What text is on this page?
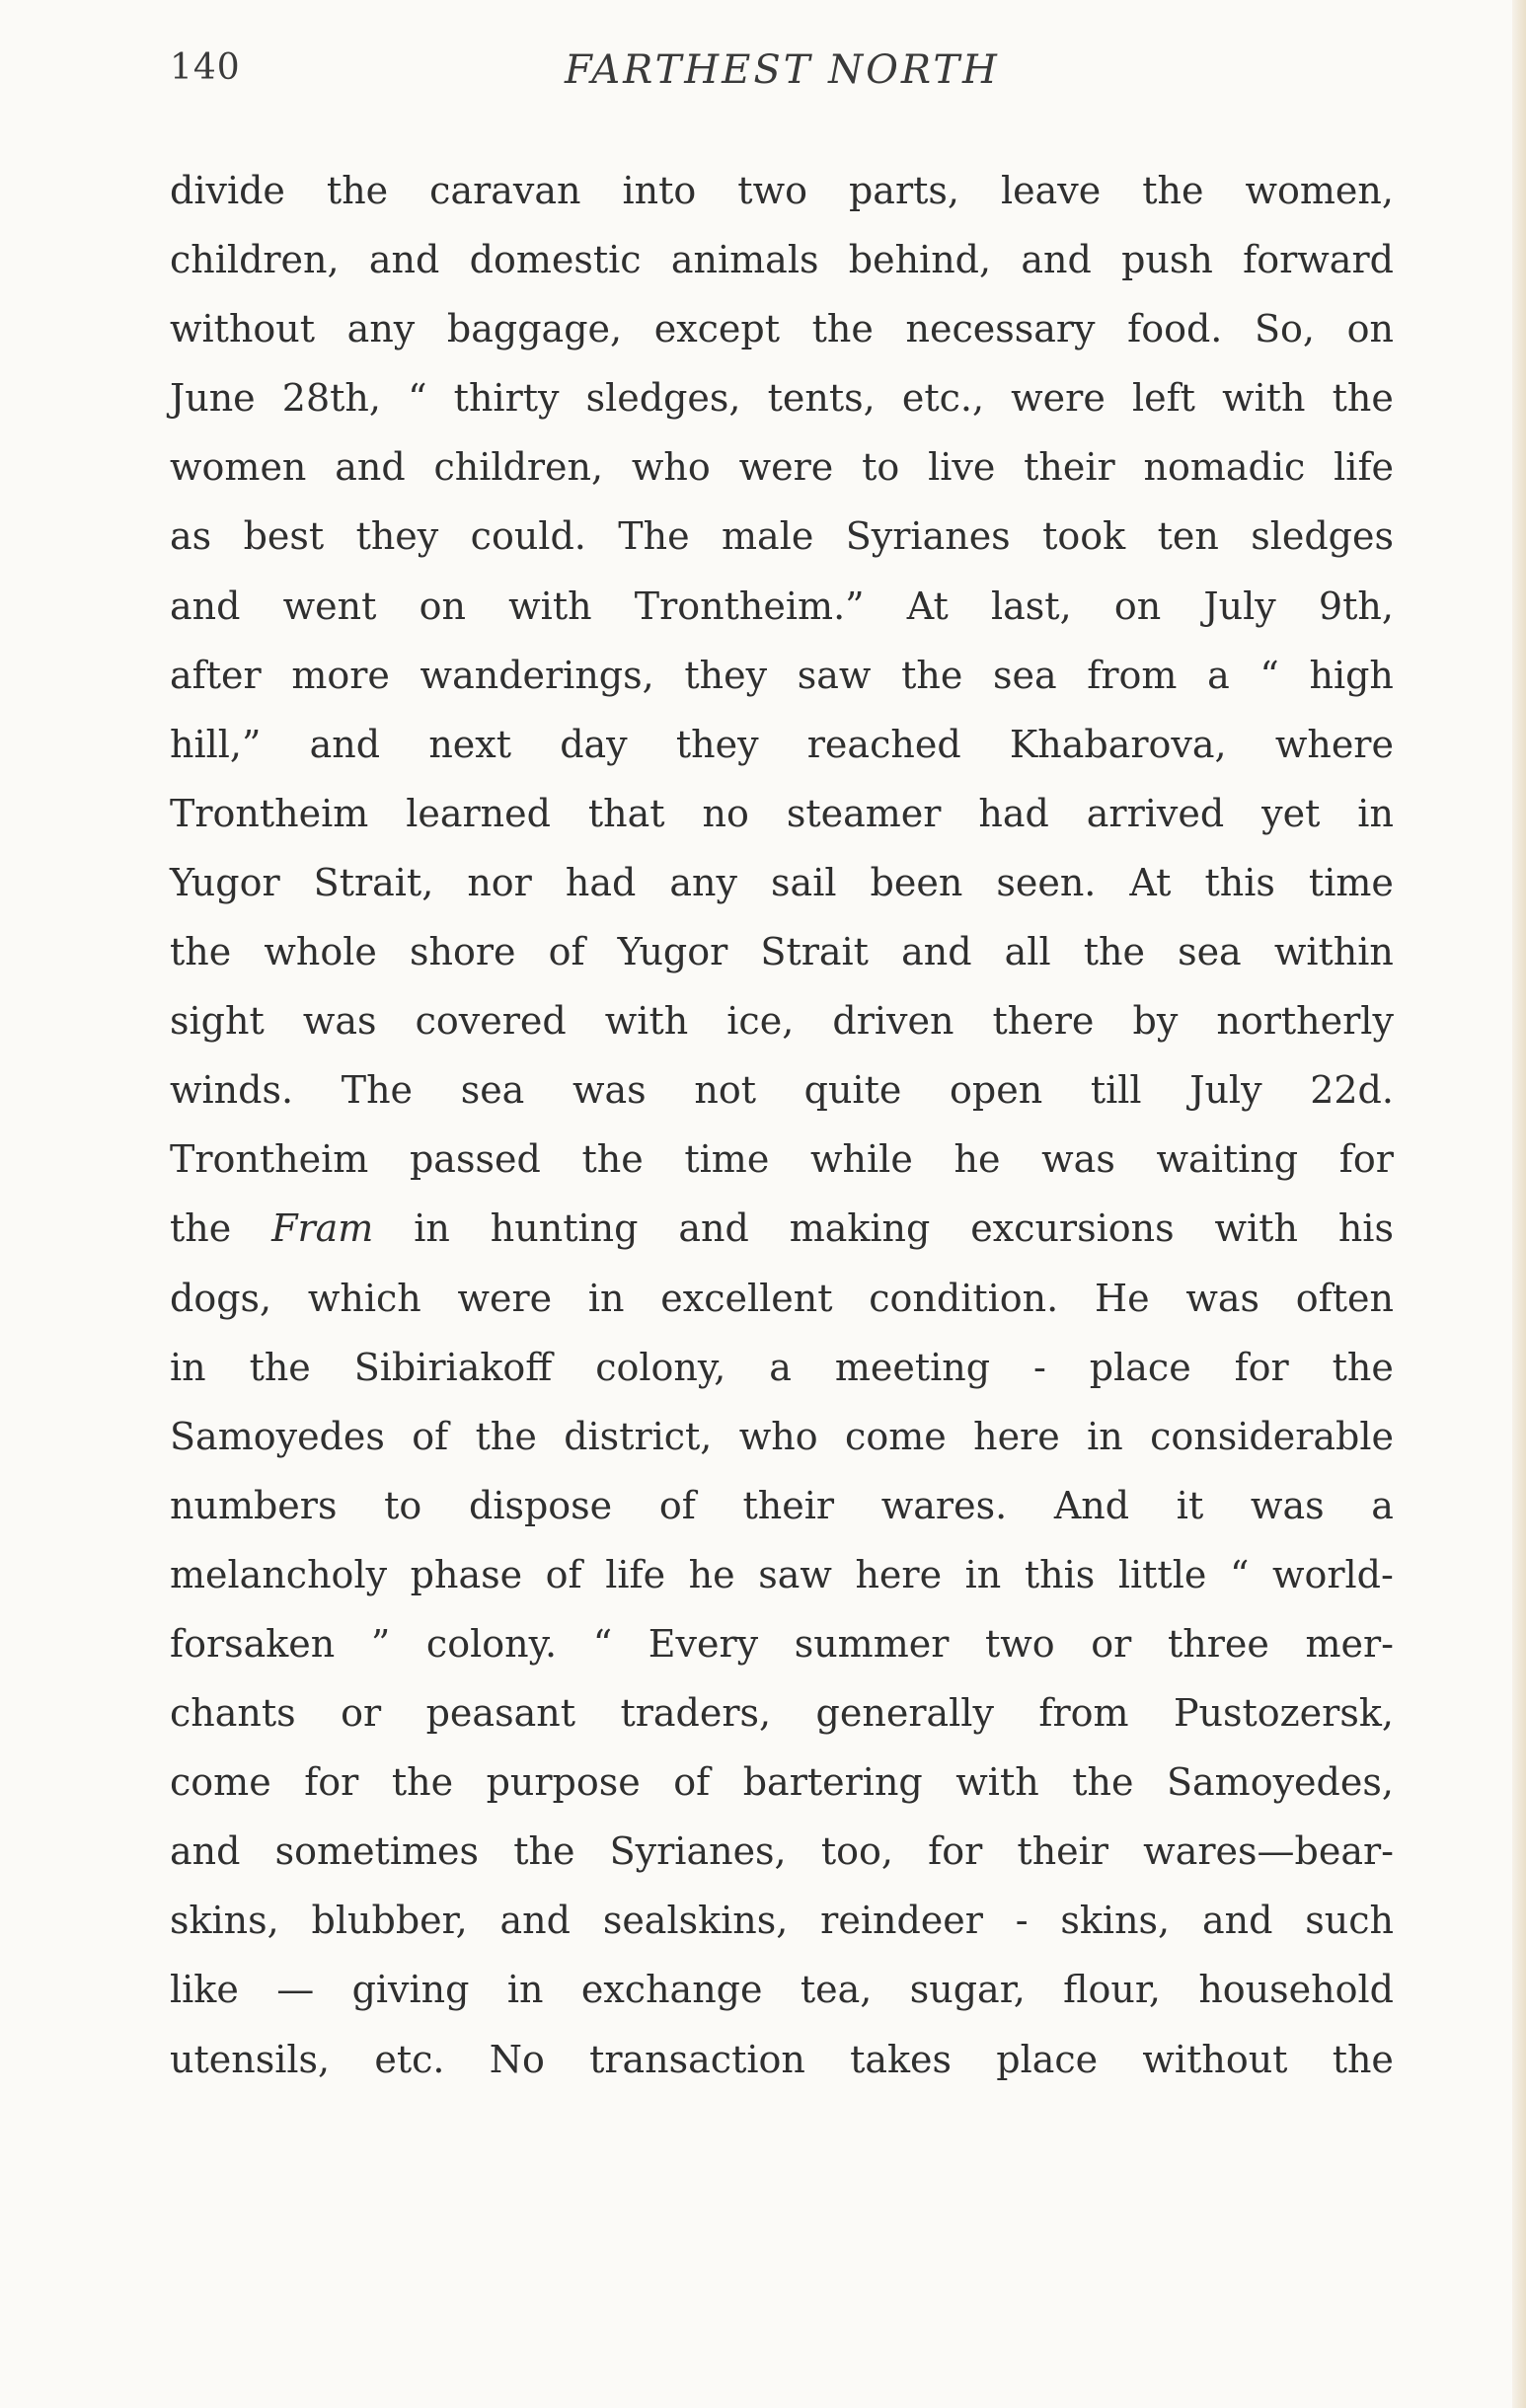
140	FARTHEST NORTH
divide the caravan into two parts, leave the women,
children, and domestic animals behind, and push forward
without any baggage, except the necessary food. So, on
June 28th, “ thirty sledges, tents, etc., were left with the
women and children, who were to live their nomadic life
as best they could. The male Syrianes took ten sledges
and went on with Trontheim.” At last, on July 9th,
after more wanderings, they saw the sea from a “ high
hill,” and next day they reached Khabarova, where
Trontheim learned that no steamer had arrived yet in
Yugor Strait, nor had any sail been seen. At this time
the whole shore of Yugor Strait and all the sea within
sight was covered with ice, driven there by northerly
winds. The sea was not quite open till July 22d.
Trontheim passed the time while he was waiting for
the Fram in hunting and making excursions with his
dogs, which were in excellent condition. He was often
in the Sibiriakoff colony, a meeting - place for the
Samoyedes of the district, who come here in considerable
numbers to dispose of their wares. And it was a
melancholy phase of life he saw here in this little “ world-
forsaken ” colony. “ Every summer two or three mer-
chants or peasant traders, generally from Pustozersk,
come for the purpose of bartering with the Samoyedes,
and sometimes the Syrianes, too, for their wares—bear-
skins, blubber, and sealskins, reindeer - skins, and such
like — giving in exchange tea, sugar, flour, household
utensils, etc. No transaction takes place without the
